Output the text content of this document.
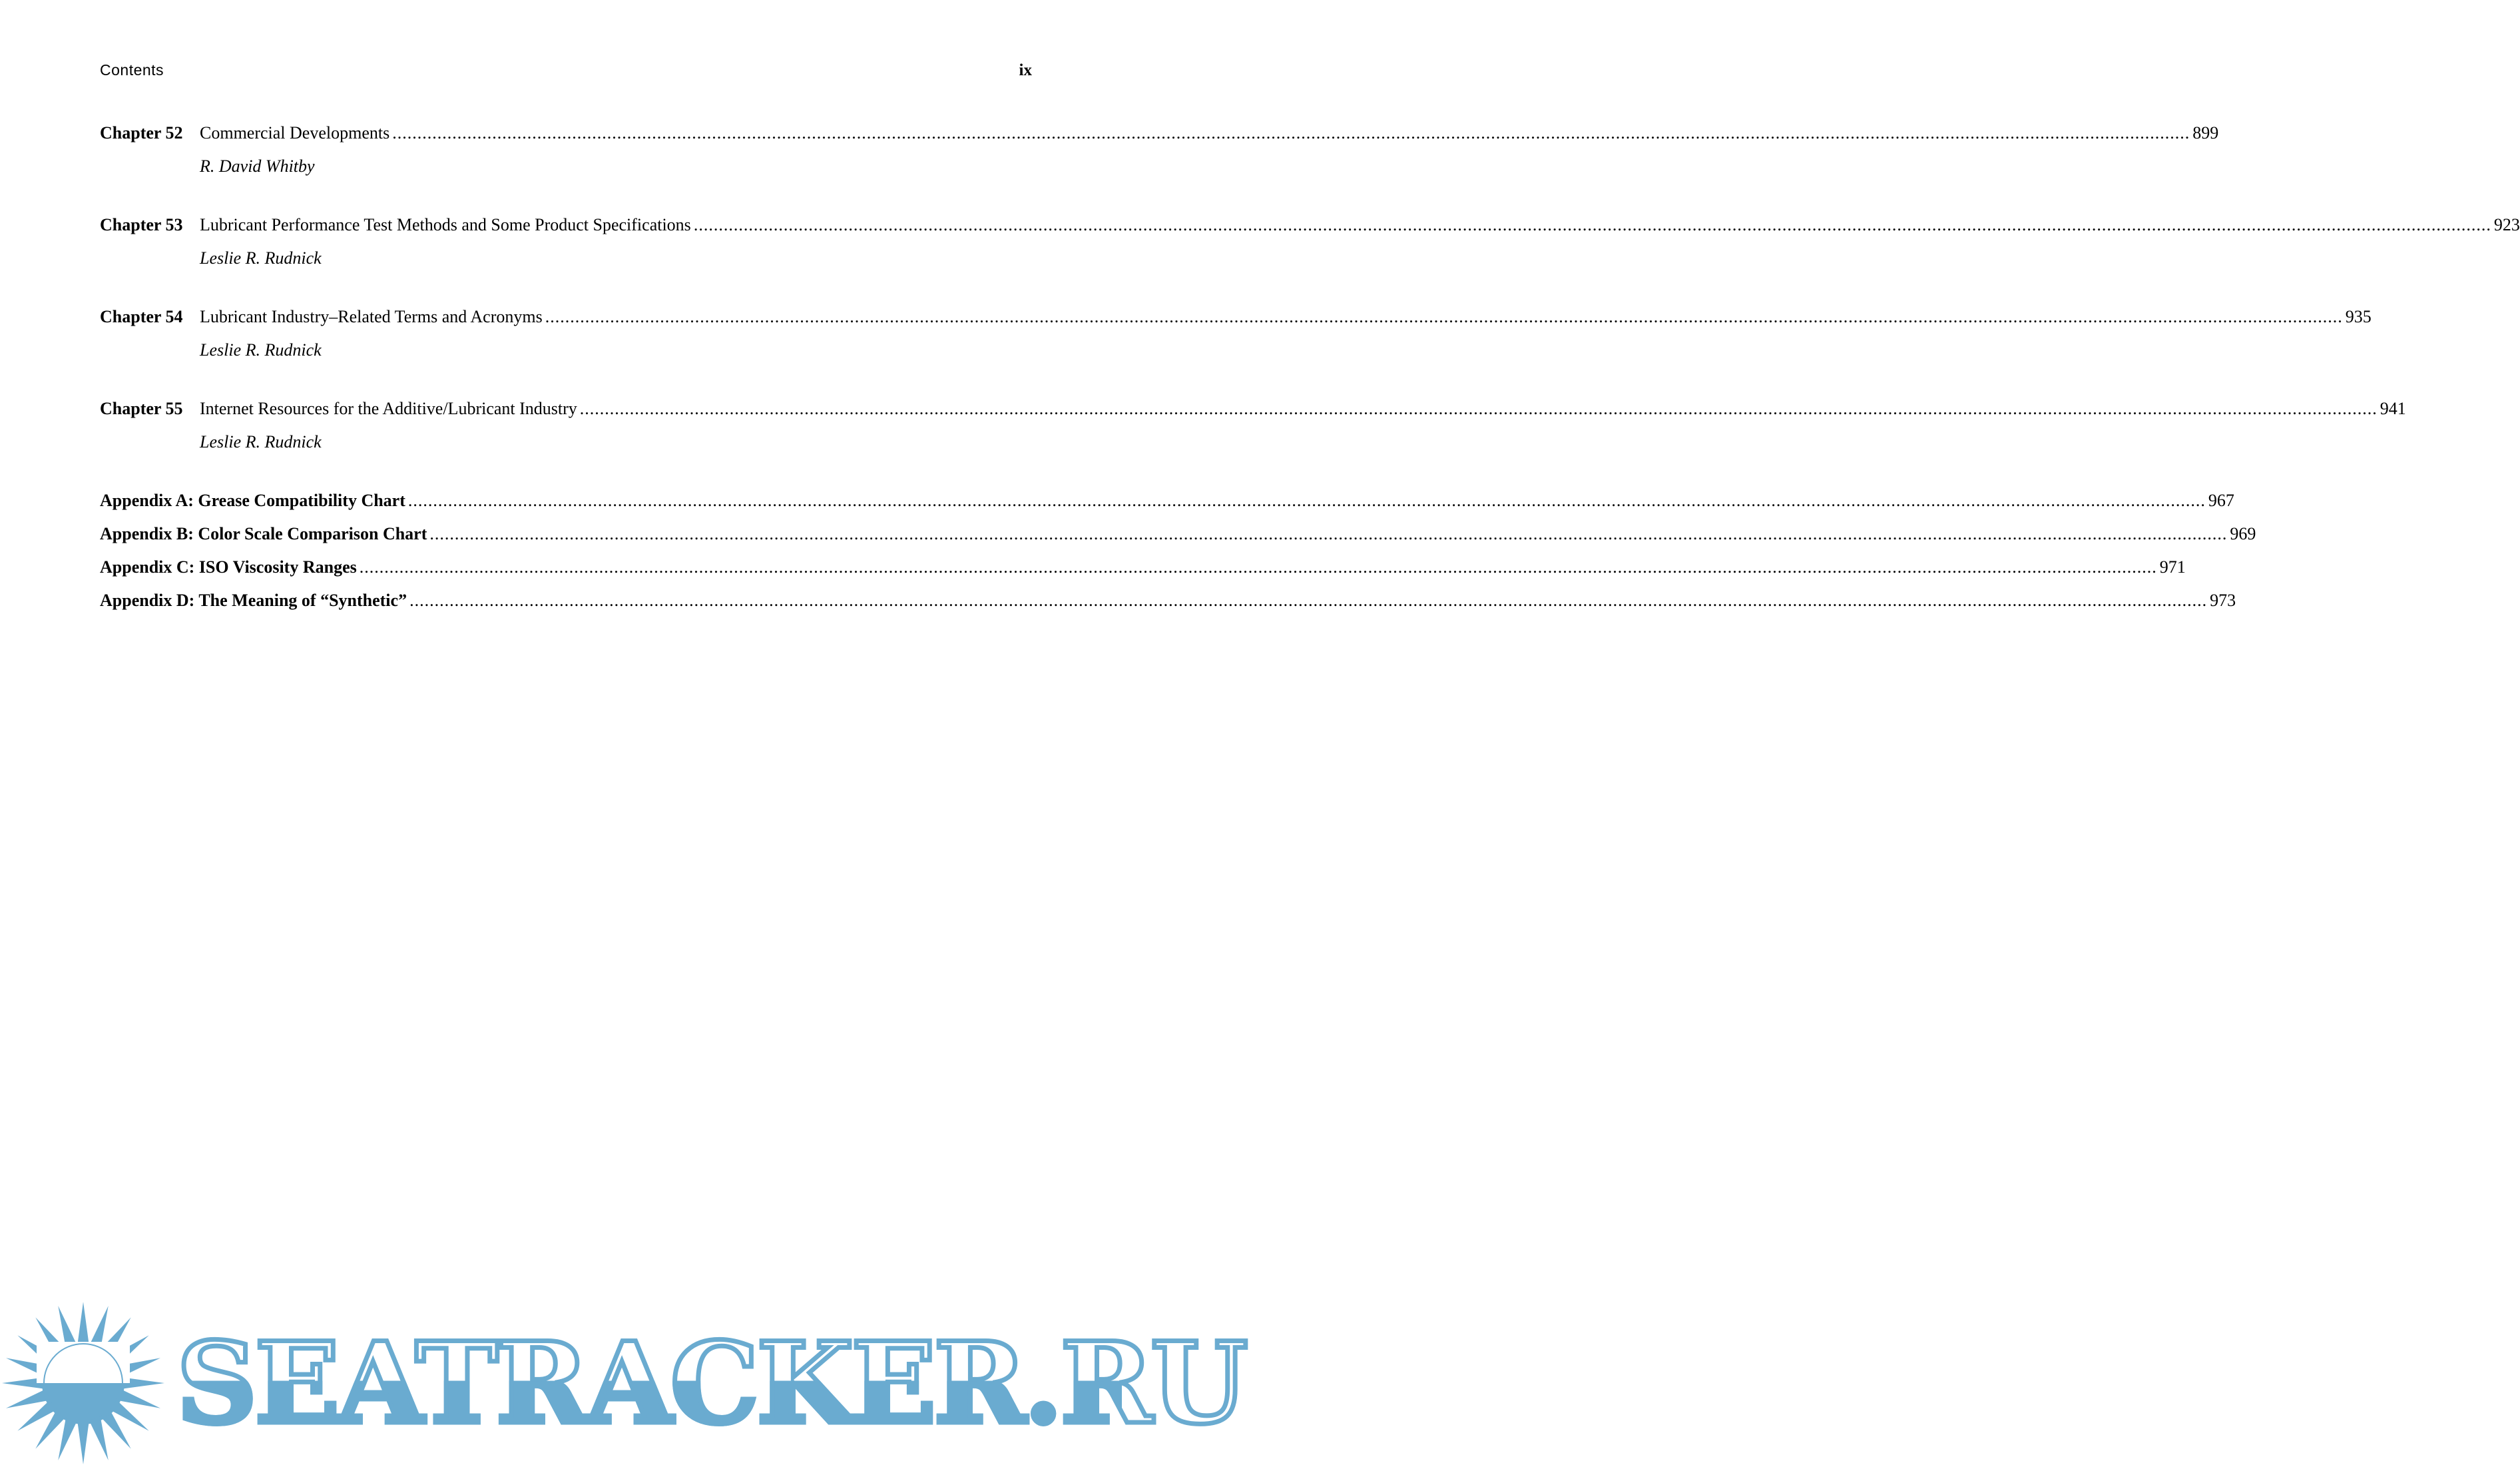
Contents	ix
Chapter 52 Commercial Developments .....	899
R. David Whitby
Chapter 53 Lubricant Performance Test Methods and Some Product Specifications .....	923
Leslie R. Rudnick
Chapter 54 Lubricant Industry–Related Terms and Acronyms .....	935
Leslie R. Rudnick
Chapter 55 Internet Resources for the Additive/Lubricant Industry .....	941
Leslie R. Rudnick
Appendix A: Grease Compatibility Chart .....	967
Appendix B: Color Scale Comparison Chart .....	969
Appendix C: ISO Viscosity Ranges .....	971
Appendix D: The Meaning of “Synthetic” .....	973
SEATRACKER.RU
